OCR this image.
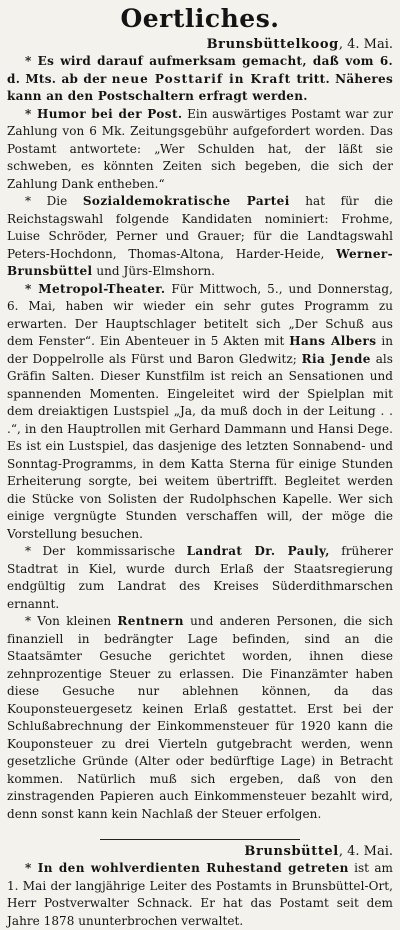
Oertliches.
Brunsbüttelkoog, 4. Mai.

* Es wird darauf aufmerksam gemacht, daß vom 6. d. Mts. ab der neue Posttarif in Kraft tritt. Näheres kann an den Postschaltern erfragt werden.

* Humor bei der Post. Ein auswärtiges Postamt war zur Zahlung von 6 Mk. Zeitungsgebühr aufgefordert worden. Das Postamt antwortete: „Wer Schulden hat, der läßt sie schweben, es könnten Zeiten sich begeben, die sich der Zahlung Dank entheben.“

* Die Sozialdemokratische Partei hat für die Reichstagswahl folgende Kandidaten nominiert: Frohme, Luise Schröder, Perner und Grauer; für die Landtagswahl Peters-Hochdonn, Thomas-Altona, Harder-Heide, Werner-Brunsbüttel und Jürs-Elmshorn.

* Metropol-Theater. Für Mittwoch, 5., und Donnerstag, 6. Mai, haben wir wieder ein sehr gutes Programm zu erwarten. Der Hauptschlager betitelt sich „Der Schuß aus dem Fenster“. Ein Abenteuer in 5 Akten mit Hans Albers in der Doppelrolle als Fürst und Baron Gledwitz; Ria Jende als Gräfin Salten. Dieser Kunstfilm ist reich an Sensationen und spannenden Momenten. Eingeleitet wird der Spielplan mit dem dreiaktigen Lustspiel „Ja, da muß doch in der Leitung . . .“, in den Hauptrollen mit Gerhard Dammann und Hansi Dege. Es ist ein Lustspiel, das dasjenige des letzten Sonnabend- und Sonntag-Programms, in dem Katta Sterna für einige Stunden Erheiterung sorgte, bei weitem übertrifft. Begleitet werden die Stücke von Solisten der Rudolphschen Kapelle. Wer sich einige vergnügte Stunden verschaffen will, der möge die Vorstellung besuchen.

* Der kommissarische Landrat Dr. Pauly, früherer Stadtrat in Kiel, wurde durch Erlaß der Staatsregierung endgültig zum Landrat des Kreises Süderdithmarschen ernannt.

* Von kleinen Rentnern und anderen Personen, die sich finanziell in bedrängter Lage befinden, sind an die Staatsämter Gesuche gerichtet worden, ihnen diese zehnprozentige Steuer zu erlassen. Die Finanzämter haben diese Gesuche nur ablehnen können, da das Kouponsteuergesetz keinen Erlaß gestattet. Erst bei der Schlußabrechnung der Einkommensteuer für 1920 kann die Kouponsteuer zu drei Vierteln gutgebracht werden, wenn gesetzliche Gründe (Alter oder bedürftige Lage) in Betracht kommen. Natürlich muß sich ergeben, daß von den zinstragenden Papieren auch Einkommensteuer bezahlt wird, denn sonst kann kein Nachlaß der Steuer erfolgen.

Brunsbüttel, 4. Mai.

* In den wohlverdienten Ruhestand getreten ist am 1. Mai der langjährige Leiter des Postamts in Brunsbüttel-Ort, Herr Postverwalter Schnack. Er hat das Postamt seit dem Jahre 1878 ununterbrochen verwaltet.
